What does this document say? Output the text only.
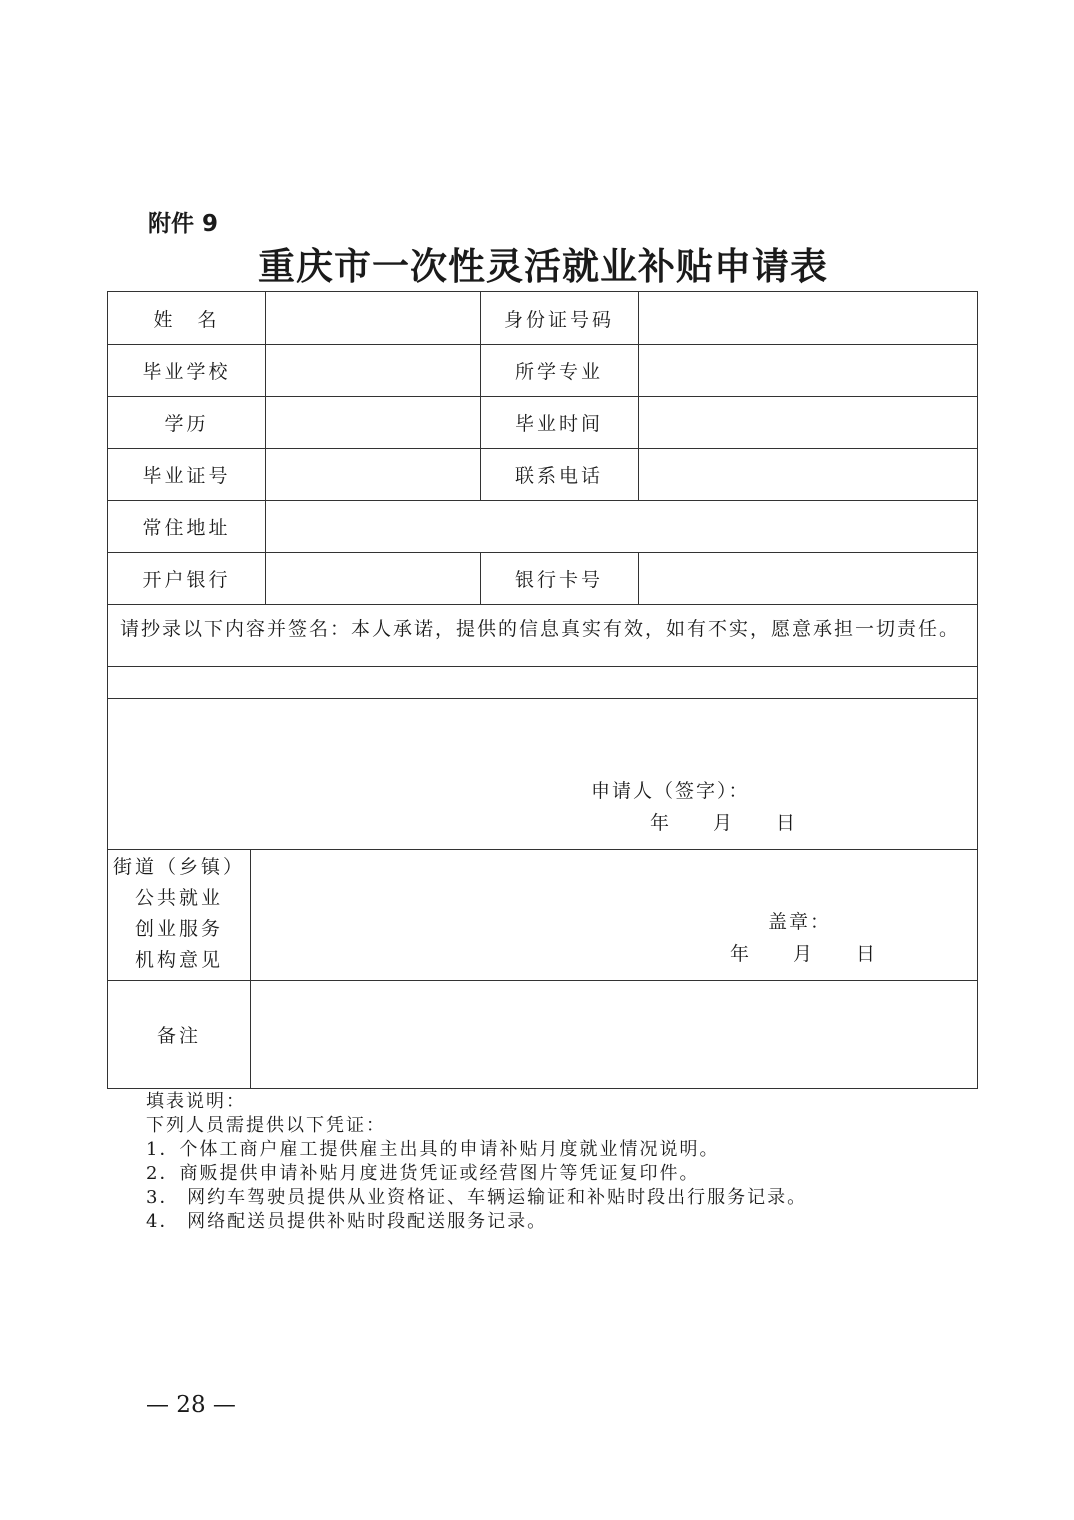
附件 9
重庆市一次性灵活就业补贴申请表
姓　名	身份证号码
毕业学校	所学专业
学历	毕业时间
毕业证号	联系电话
常住地址
开户银行	银行卡号
请抄录以下内容并签名：本人承诺，提供的信息真实有效，如有不实，愿意承担一切责任。
申请人（签字）：
年　　月　　日
街道（乡镇）
公共就业
创业服务
机构意见
盖章：
年　　月　　日
备注
填表说明：
下列人员需提供以下凭证：
1．个体工商户雇工提供雇主出具的申请补贴月度就业情况说明。
2．商贩提供申请补贴月度进货凭证或经营图片等凭证复印件。
3． 网约车驾驶员提供从业资格证、车辆运输证和补贴时段出行服务记录。
4． 网络配送员提供补贴时段配送服务记录。
— 28 —
